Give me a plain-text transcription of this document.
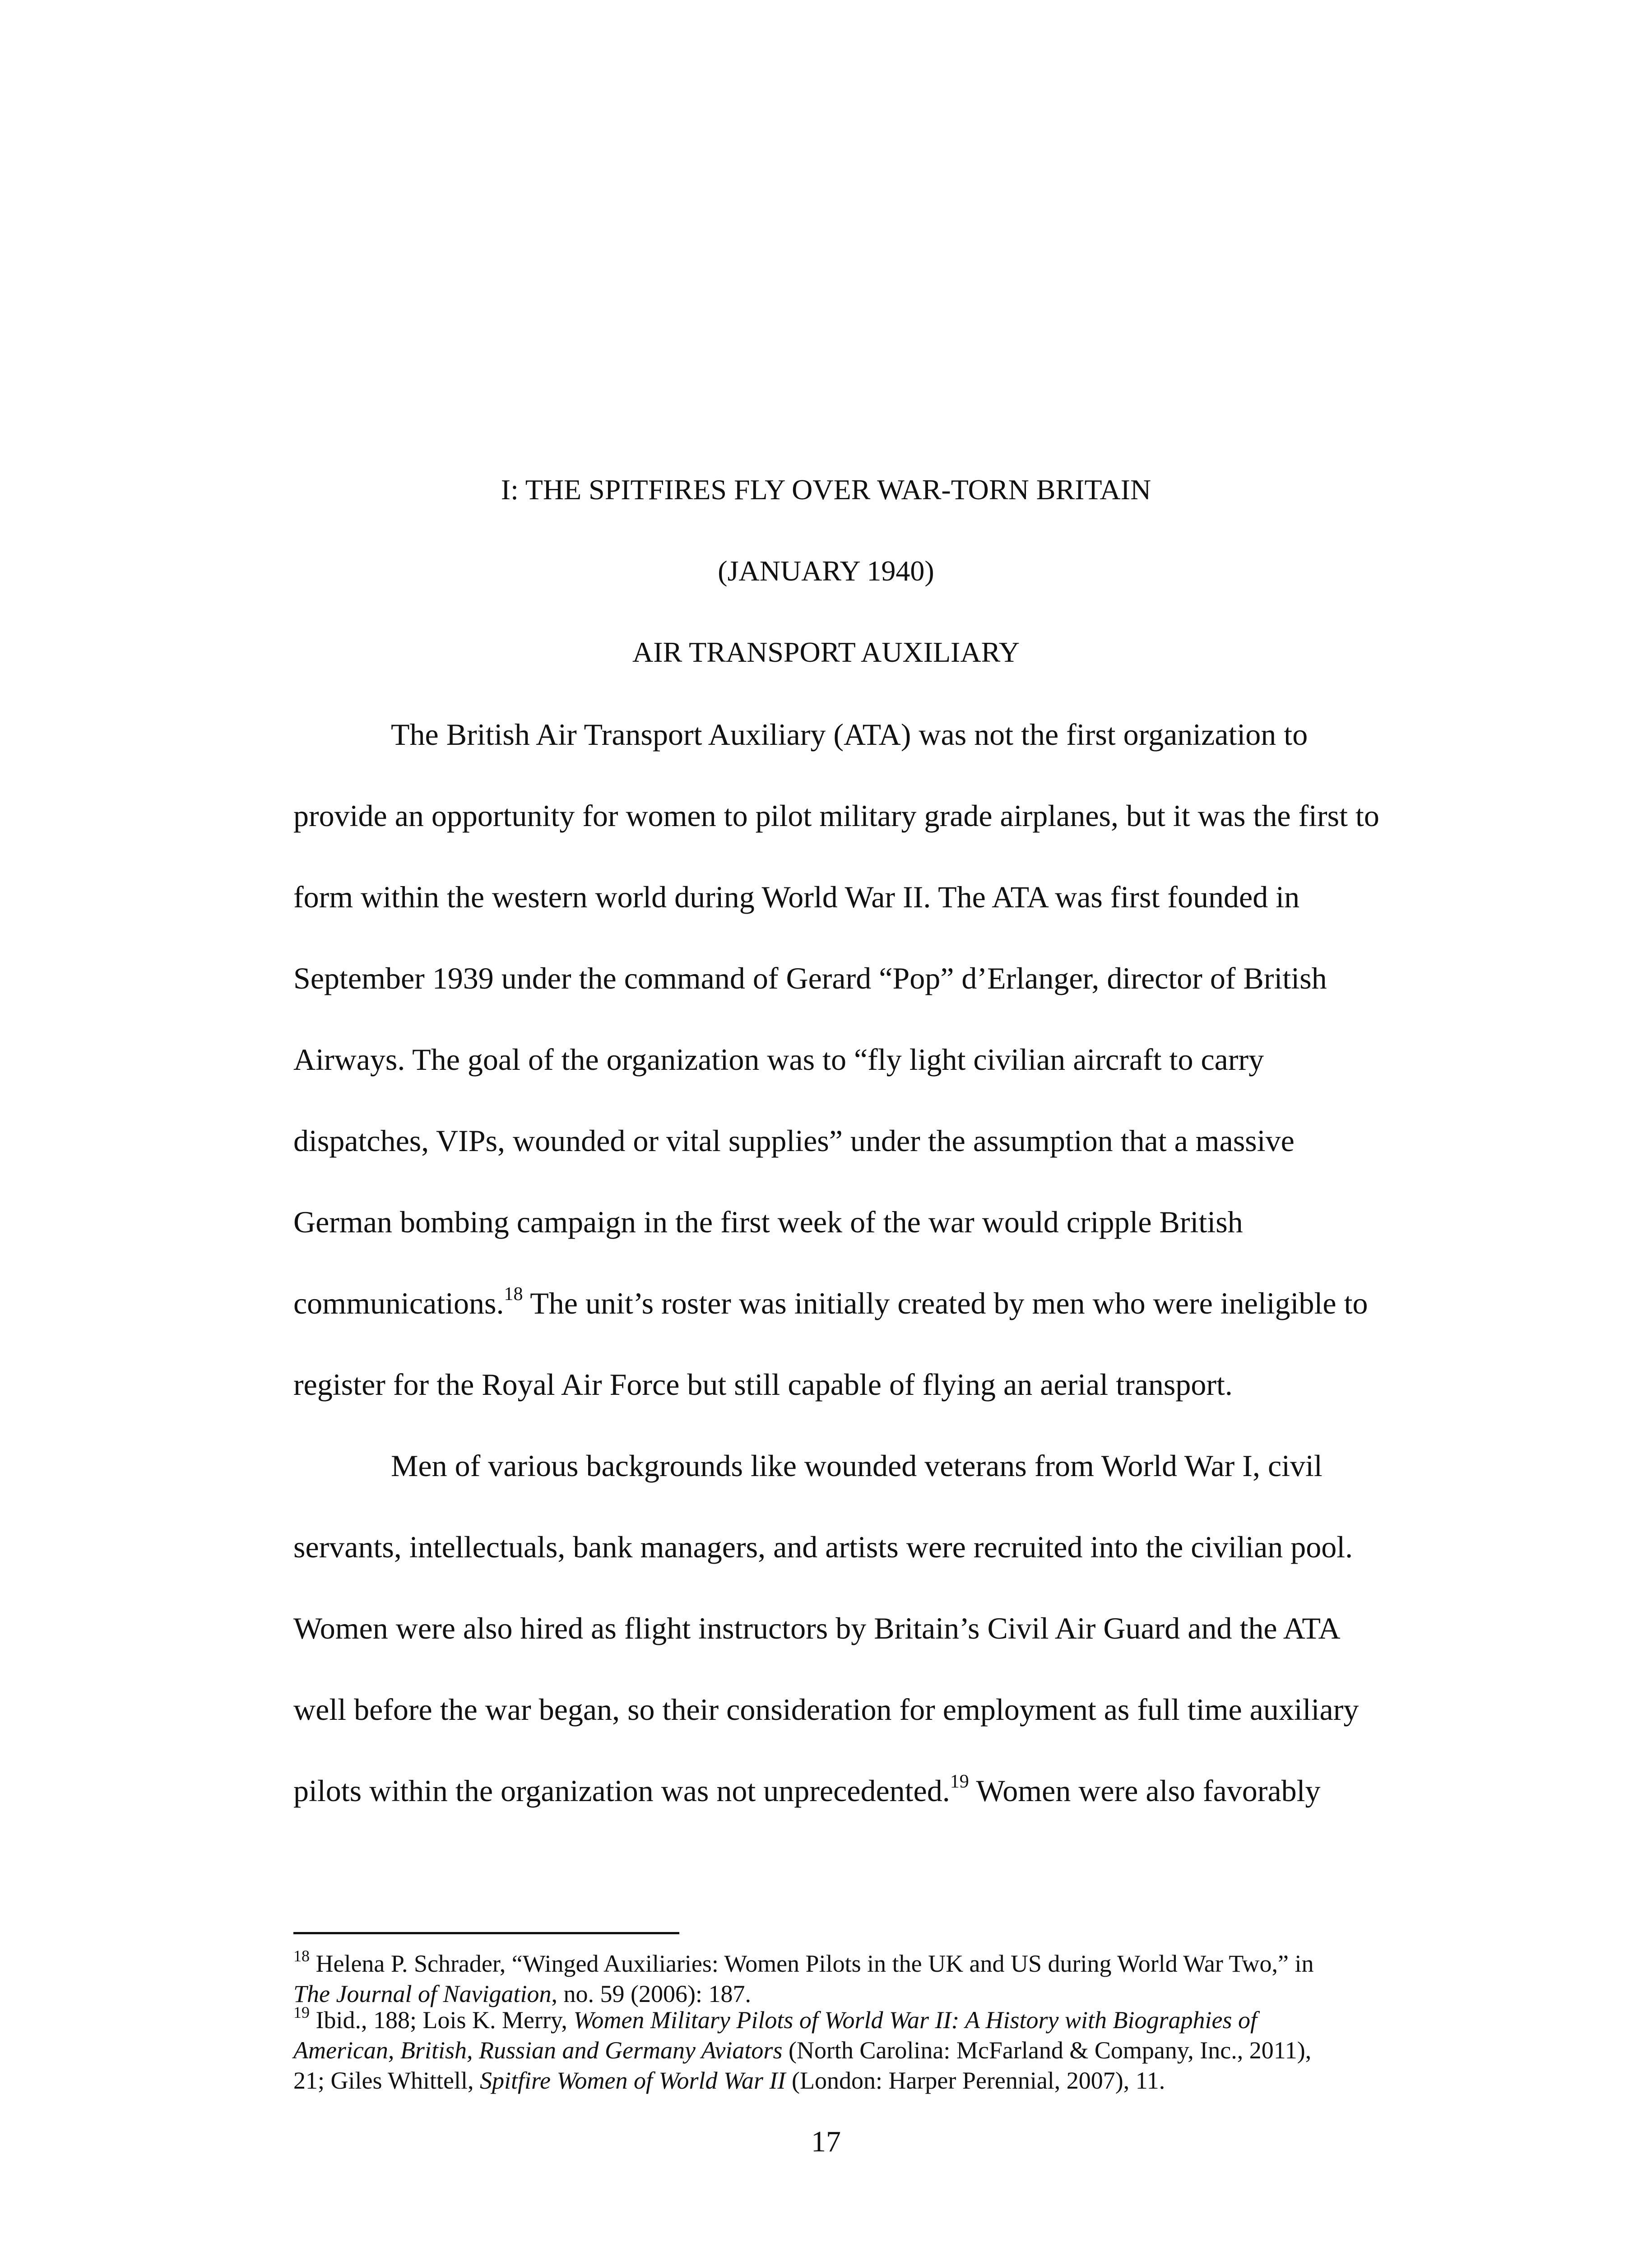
I: THE SPITFIRES FLY OVER WAR-TORN BRITAIN
(JANUARY 1940)
AIR TRANSPORT AUXILIARY
The British Air Transport Auxiliary (ATA) was not the first organization to
provide an opportunity for women to pilot military grade airplanes, but it was the first to
form within the western world during World War II. The ATA was first founded in
September 1939 under the command of Gerard “Pop” d’Erlanger, director of British
Airways. The goal of the organization was to “fly light civilian aircraft to carry
dispatches, VIPs, wounded or vital supplies” under the assumption that a massive
German bombing campaign in the first week of the war would cripple British
communications.$^{18}$ The unit’s roster was initially created by men who were ineligible to
register for the Royal Air Force but still capable of flying an aerial transport.
Men of various backgrounds like wounded veterans from World War I, civil
servants, intellectuals, bank managers, and artists were recruited into the civilian pool.
Women were also hired as flight instructors by Britain’s Civil Air Guard and the ATA
well before the war began, so their consideration for employment as full time auxiliary
pilots within the organization was not unprecedented.$^{19}$ Women were also favorably
$^{18}$ Helena P. Schrader, “Winged Auxiliaries: Women Pilots in the UK and US during World War Two,” in
The Journal of Navigation, no. 59 (2006): 187.
$^{19}$ Ibid., 188; Lois K. Merry, Women Military Pilots of World War II: A History with Biographies of
American, British, Russian and Germany Aviators (North Carolina: McFarland & Company, Inc., 2011),
21; Giles Whittell, Spitfire Women of World War II (London: Harper Perennial, 2007), 11.
17
